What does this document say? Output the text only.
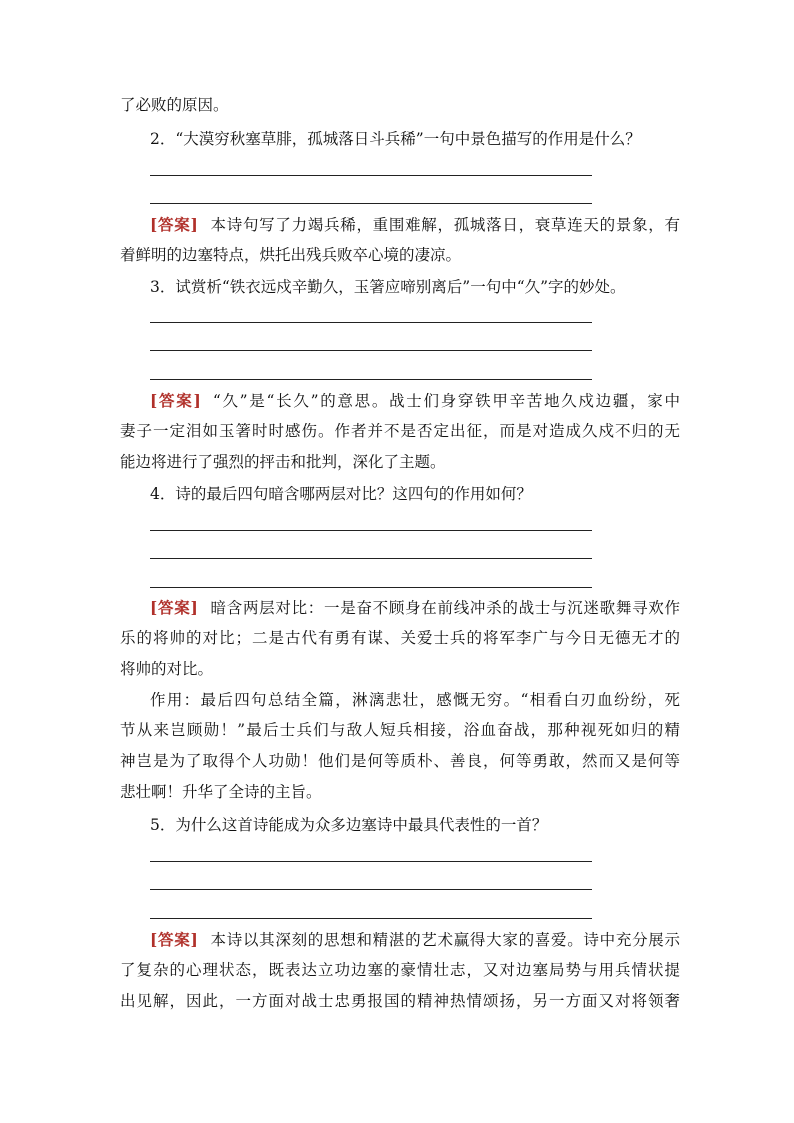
了必败的原因。
2．“大漠穷秋塞草腓，孤城落日斗兵稀”一句中景色描写的作用是什么？
[答案] 本诗句写了力竭兵稀，重围难解，孤城落日，衰草连天的景象，有
着鲜明的边塞特点，烘托出残兵败卒心境的凄凉。
3．试赏析“铁衣远戍辛勤久，玉箸应啼别离后”一句中“久”字的妙处。
[答案] “久”是“长久”的意思。战士们身穿铁甲辛苦地久戍边疆，家中
妻子一定泪如玉箸时时感伤。作者并不是否定出征，而是对造成久戍不归的无
能边将进行了强烈的抨击和批判，深化了主题。
4．诗的最后四句暗含哪两层对比？这四句的作用如何？
[答案] 暗含两层对比：一是奋不顾身在前线冲杀的战士与沉迷歌舞寻欢作
乐的将帅的对比；二是古代有勇有谋、关爱士兵的将军李广与今日无德无才的
将帅的对比。
作用：最后四句总结全篇，淋漓悲壮，感慨无穷。“相看白刃血纷纷，死
节从来岂顾勋！”最后士兵们与敌人短兵相接，浴血奋战，那种视死如归的精
神岂是为了取得个人功勋！他们是何等质朴、善良，何等勇敢，然而又是何等
悲壮啊！升华了全诗的主旨。
5．为什么这首诗能成为众多边塞诗中最具代表性的一首？
[答案] 本诗以其深刻的思想和精湛的艺术赢得大家的喜爱。诗中充分展示
了复杂的心理状态，既表达立功边塞的豪情壮志，又对边塞局势与用兵情状提
出见解，因此，一方面对战士忠勇报国的精神热情颂扬，另一方面又对将领奢
